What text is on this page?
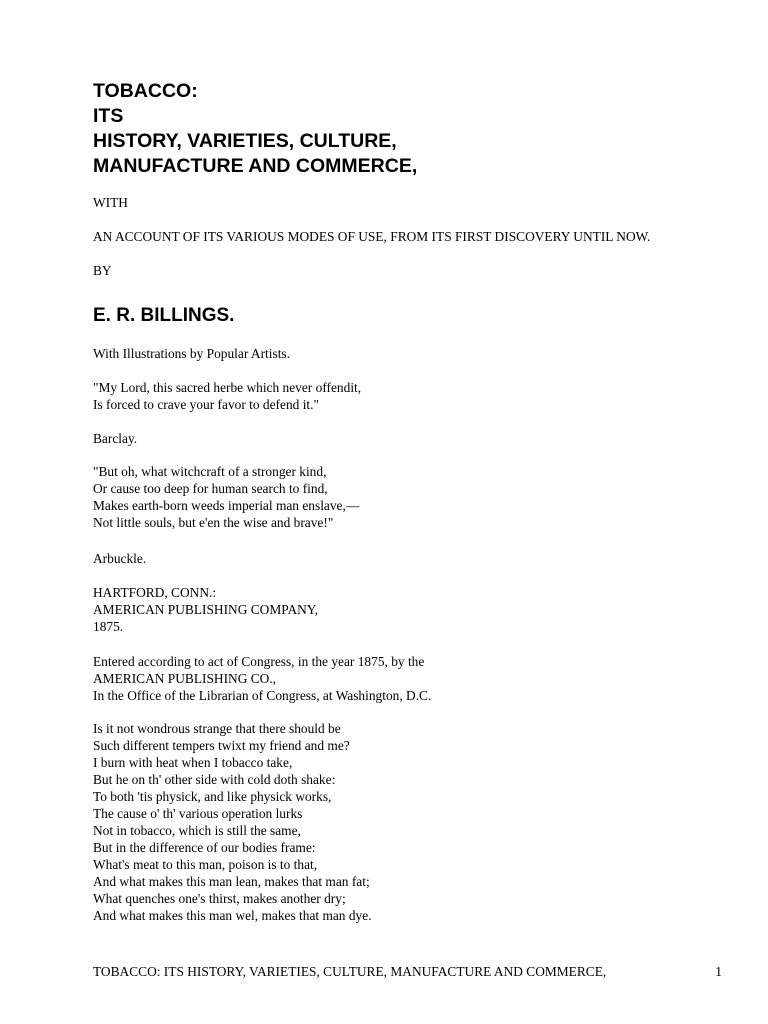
TOBACCO:
ITS
HISTORY, VARIETIES, CULTURE,
MANUFACTURE AND COMMERCE,
WITH
AN ACCOUNT OF ITS VARIOUS MODES OF USE, FROM ITS FIRST DISCOVERY UNTIL NOW.
BY
E. R. BILLINGS.
With Illustrations by Popular Artists.
"My Lord, this sacred herbe which never offendit,
Is forced to crave your favor to defend it."
Barclay.
"But oh, what witchcraft of a stronger kind,
Or cause too deep for human search to find,
Makes earth-born weeds imperial man enslave,—
Not little souls, but e'en the wise and brave!"
Arbuckle.
HARTFORD, CONN.:
AMERICAN PUBLISHING COMPANY,
1875.
Entered according to act of Congress, in the year 1875, by the
AMERICAN PUBLISHING CO.,
In the Office of the Librarian of Congress, at Washington, D.C.
Is it not wondrous strange that there should be
Such different tempers twixt my friend and me?
I burn with heat when I tobacco take,
But he on th' other side with cold doth shake:
To both 'tis physick, and like physick works,
The cause o' th' various operation lurks
Not in tobacco, which is still the same,
But in the difference of our bodies frame:
What's meat to this man, poison is to that,
And what makes this man lean, makes that man fat;
What quenches one's thirst, makes another dry;
And what makes this man wel, makes that man dye.
TOBACCO: ITS HISTORY, VARIETIES, CULTURE, MANUFACTURE AND COMMERCE,	1
